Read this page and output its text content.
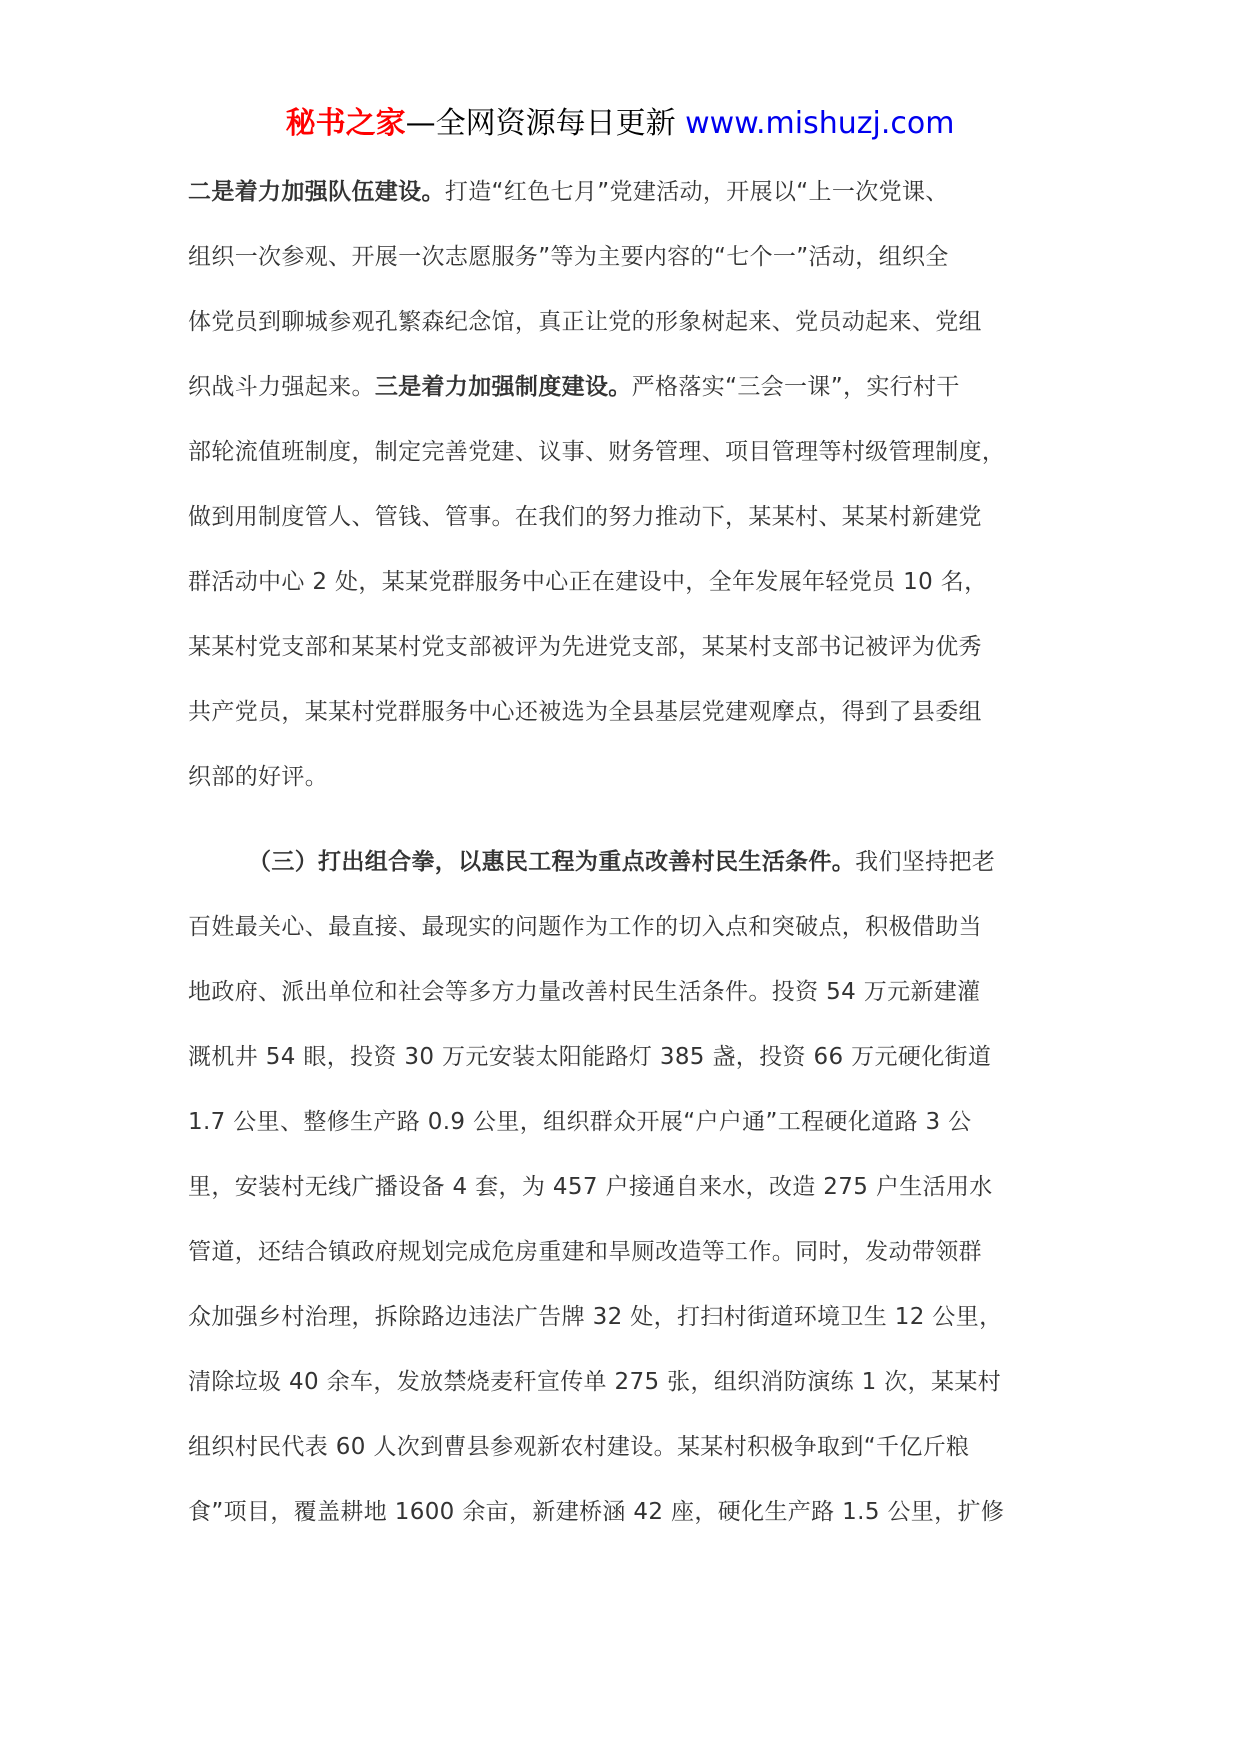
秘书之家—全网资源每日更新 www.mishuzj.com
二是着力加强队伍建设。打造“红色七月”党建活动，开展以“上一次党课、
组织一次参观、开展一次志愿服务”等为主要内容的“七个一”活动，组织全
体党员到聊城参观孔繁森纪念馆，真正让党的形象树起来、党员动起来、党组
织战斗力强起来。三是着力加强制度建设。严格落实“三会一课”，实行村干
部轮流值班制度，制定完善党建、议事、财务管理、项目管理等村级管理制度，
做到用制度管人、管钱、管事。在我们的努力推动下，某某村、某某村新建党
群活动中心 2 处，某某党群服务中心正在建设中，全年发展年轻党员 10 名，
某某村党支部和某某村党支部被评为先进党支部，某某村支部书记被评为优秀
共产党员，某某村党群服务中心还被选为全县基层党建观摩点，得到了县委组
织部的好评。
（三）打出组合拳，以惠民工程为重点改善村民生活条件。我们坚持把老
百姓最关心、最直接、最现实的问题作为工作的切入点和突破点，积极借助当
地政府、派出单位和社会等多方力量改善村民生活条件。投资 54 万元新建灌
溉机井 54 眼，投资 30 万元安装太阳能路灯 385 盏，投资 66 万元硬化街道
1.7 公里、整修生产路 0.9 公里，组织群众开展“户户通”工程硬化道路 3 公
里，安装村无线广播设备 4 套，为 457 户接通自来水，改造 275 户生活用水
管道，还结合镇政府规划完成危房重建和旱厕改造等工作。同时，发动带领群
众加强乡村治理，拆除路边违法广告牌 32 处，打扫村街道环境卫生 12 公里，
清除垃圾 40 余车，发放禁烧麦秆宣传单 275 张，组织消防演练 1 次，某某村
组织村民代表 60 人次到曹县参观新农村建设。某某村积极争取到“千亿斤粮
食”项目，覆盖耕地 1600 余亩，新建桥涵 42 座，硬化生产路 1.5 公里，扩修
